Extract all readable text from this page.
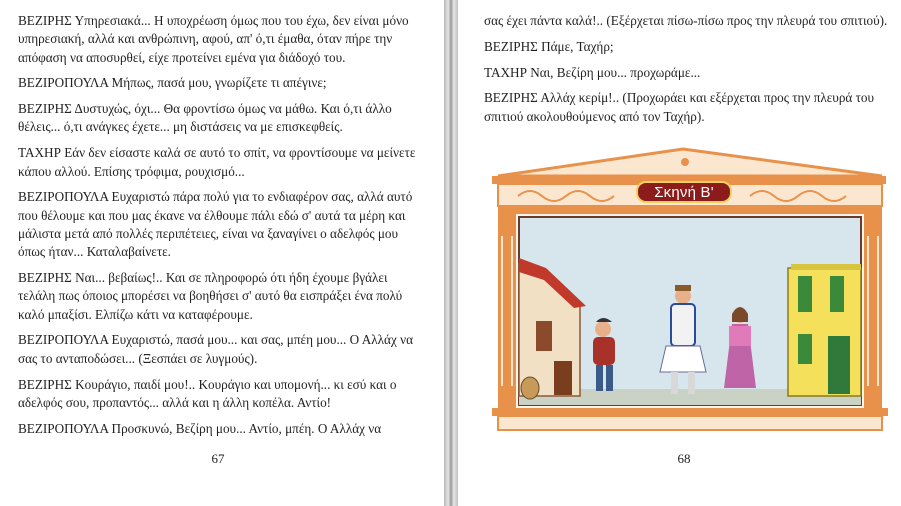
ΒΕΖΙΡΗΣ Υπηρεσιακά... Η υποχρέωση όμως που του έχω, δεν είναι μόνο υπηρεσιακή, αλλά και ανθρώπινη, αφού, απ' ό,τι έμαθα, όταν πήρε την απόφαση να αποσυρθεί, είχε προτείνει εμένα για διάδοχό του.

ΒΕΖΙΡΟΠΟΥΛΑ Μήπως, πασά μου, γνωρίζετε τι απέγινε;

ΒΕΖΙΡΗΣ Δυστυχώς, όχι... Θα φροντίσω όμως να μάθω. Και ό,τι άλλο θέλεις... ό,τι ανάγκες έχετε... μη διστάσεις να με επισκεφθείς.

ΤΑΧΗΡ Εάν δεν είσαστε καλά σε αυτό το σπίτ, να φροντίσουμε να μείνετε κάπου αλλού. Επίσης τρόφιμα, ρουχισμό...

ΒΕΖΙΡΟΠΟΥΛΑ Ευχαριστώ πάρα πολύ για το ενδιαφέρον σας, αλλά αυτό που θέλουμε και που μας έκανε να έλθουμε πάλι εδώ σ' αυτά τα μέρη και μάλιστα μετά από πολλές περιπέτειες, είναι να ξαναγίνει ο αδελφός μου όπως ήταν... Καταλαβαίνετε.

ΒΕΖΙΡΗΣ Ναι... βεβαίως!.. Και σε πληροφορώ ότι ήδη έχουμε βγάλει τελάλη πως όποιος μπορέσει να βοηθήσει σ' αυτό θα εισπράξει ένα πολύ καλό μπαξίσι. Ελπίζω κάτι να καταφέρουμε.

ΒΕΖΙΡΟΠΟΥΛΑ Ευχαριστώ, πασά μου... και σας, μπέη μου... Ο Αλλάχ να σας το ανταποδώσει... (Ξεσπάει σε λυγμούς).

ΒΕΖΙΡΗΣ Κουράγιο, παιδί μου!.. Κουράγιο και υπομονή... κι εσύ και ο αδελφός σου, προπαντός... αλλά και η άλλη κοπέλα. Αντίο!

ΒΕΖΙΡΟΠΟΥΛΑ Προσκυνώ, Βεζίρη μου... Αντίο, μπέη. Ο Αλλάχ να

67

σας έχει πάντα καλά!.. (Εξέρχεται πίσω-πίσω προς την πλευρά του σπιτιού).

ΒΕΖΙΡΗΣ Πάμε, Ταχήρ;

ΤΑΧΗΡ Ναι, Βεζίρη μου... προχωράμε...

ΒΕΖΙΡΗΣ Αλλάχ κερίμ!.. (Προχωράει και εξέρχεται προς την πλευρά του σπιτιού ακολουθούμενος από τον Ταχήρ).

Σκηνή Β'
68
